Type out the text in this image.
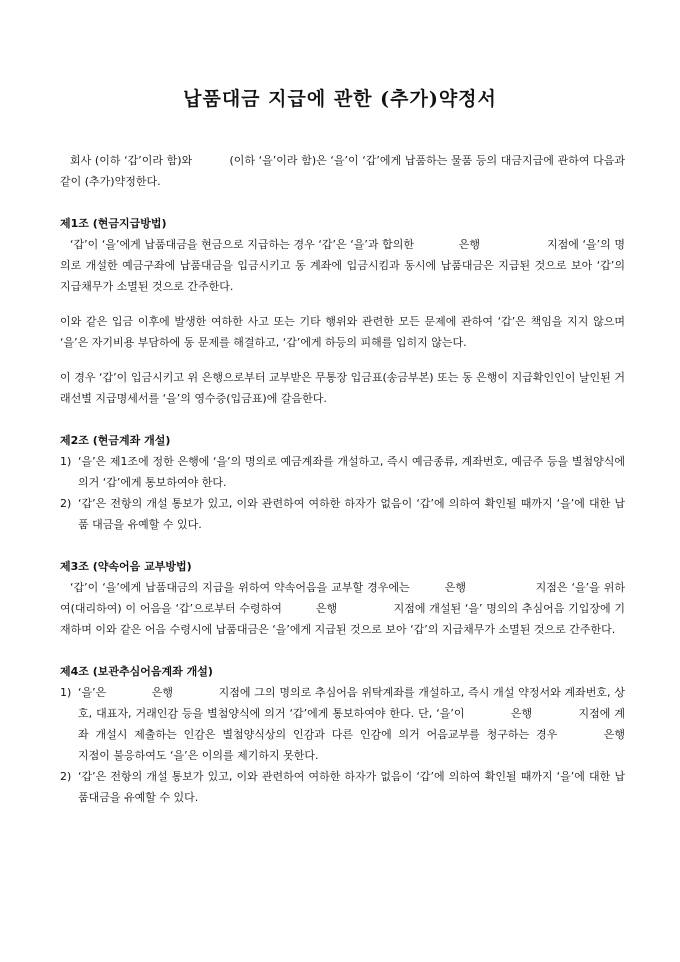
납품대금 지급에 관한 (추가)약정서

회사 (이하 ‘갑’이라 함)와　　　 (이하 ‘을’이라 함)은 ‘을’이 ‘갑’에게 납품하는 물품 등의 대금지급에 관하여 다음과 같이 (추가)약정한다.

제1조 (현금지급방법)

‘갑’이 ‘을’에게 납품대금을 현금으로 지급하는 경우 ‘갑’은 ‘을’과 합의한　　　　은행　　　　　　지점에 ‘을’의 명의로 개설한 예금구좌에 납품대금을 입금시키고 동 계좌에 입금시킴과 동시에 납품대금은 지급된 것으로 보아 ‘갑’의 지급채무가 소멸된 것으로 간주한다.

이와 같은 입금 이후에 발생한 여하한 사고 또는 기타 행위와 관련한 모든 문제에 관하여 ‘갑’은 책임을 지지 않으며 ‘을’은 자기비용 부담하에 동 문제를 해결하고, ‘갑’에게 하등의 피해를 입히지 않는다.

이 경우 ‘갑’이 입금시키고 위 은행으로부터 교부받은 무통장 입금표(송금부본) 또는 동 은행이 지급확인인이 날인된 거래선별 지급명세서를 ‘을’의 영수증(입금표)에 갈음한다.

제2조 (현금계좌 개설)
1) ‘을’은 제1조에 정한 은행에 ‘을’의 명의로 예금계좌를 개설하고, 즉시 예금종류, 계좌번호, 예금주 등을 별첨양식에 의거 ‘갑’에게 통보하여야 한다.
2) ‘갑’은 전항의 개설 통보가 있고, 이와 관련하여 여하한 하자가 없음이 ‘갑’에 의하여 확인될 때까지 ‘을’에 대한 납품 대금을 유예할 수 있다.
제3조 (약속어음 교부방법)

‘갑’이 ‘을’에게 납품대금의 지급을 위하여 약속어음을 교부할 경우에는　　　은행　　　　　　지점은 ‘을’을 위하여(대리하여) 이 어음을 ‘갑’으로부터 수령하여　　　은행　　　　　지점에 개설된 ‘을’ 명의의 추심어음 기입장에 기재하며 이와 같은 어음 수령시에 납품대금은 ‘을’에게 지급된 것으로 보아 ‘갑’의 지급채무가 소멸된 것으로 간주한다.

제4조 (보관추심어음계좌 개설)
1) ‘을’은　　　　은행　　　　지점에 그의 명의로 추심어음 위탁계좌를 개설하고, 즉시 개설 약정서와 계좌번호, 상호, 대표자, 거래인감 등을 별첨양식에 의거 ‘갑’에게 통보하여야 한다. 단, ‘을’이　　　　은행　　　　지점에 계좌 개설시 제출하는 인감은 별첨양식상의 인감과 다른 인감에 의거 어음교부를 청구하는 경우　　　은행　　　　지점이 불응하여도 ‘을’은 이의를 제기하지 못한다.
2) ‘갑’은 전항의 개설 통보가 있고, 이와 관련하여 여하한 하자가 없음이 ‘갑’에 의하여 확인될 때까지 ‘을’에 대한 납품대금을 유예할 수 있다.
